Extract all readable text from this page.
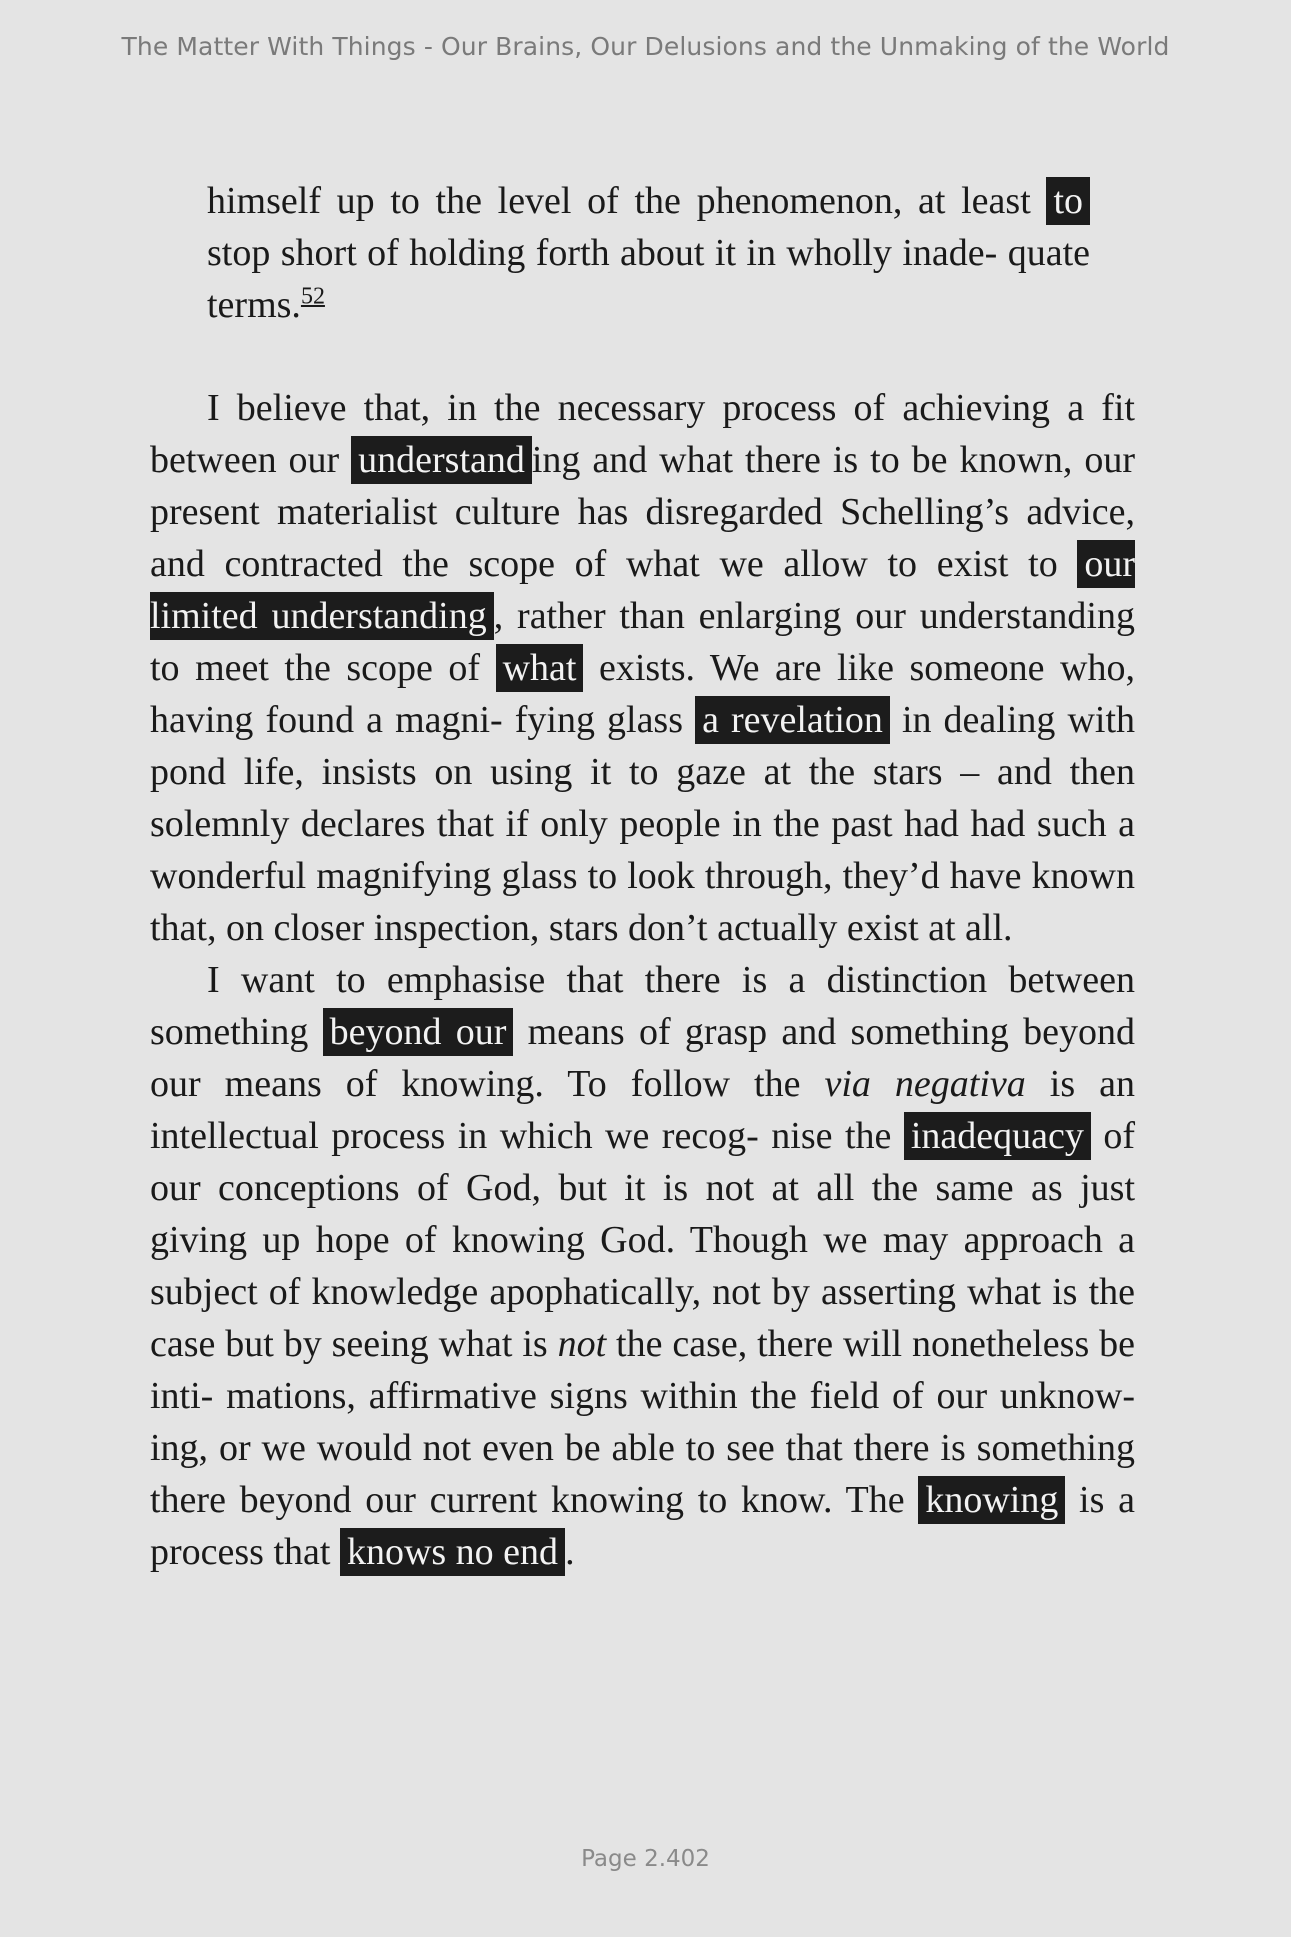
The Matter With Things - Our Brains, Our Delusions and the Unmaking of the World

himself up to the level of the phenomenon, at least to stop short of holding forth about it in wholly inade- quate terms.$^{52}$

I believe that, in the necessary process of achieving a fit between our understand ing and what there is to be known, our present materialist culture has disregarded Schelling’s advice, and contracted the scope of what we allow to exist to our limited understanding , rather than enlarging our understanding to meet the scope of what exists. We are like someone who, having found a magni- fying glass a revelation in dealing with pond life, insists on using it to gaze at the stars – and then solemnly declares that if only people in the past had had such a wonderful magnifying glass to look through, they’d have known that, on closer inspection, stars don’t actually exist at all.

I want to emphasise that there is a distinction between something beyond our means of grasp and something beyond our means of knowing. To follow the via negativa is an intellectual process in which we recog- nise the inadequacy of our conceptions of God, but it is not at all the same as just giving up hope of knowing God. Though we may approach a subject of knowledge apophatically, not by asserting what is the case but by seeing what is not the case, there will nonetheless be inti- mations, affirmative signs within the field of our unknow- ing, or we would not even be able to see that there is something there beyond our current knowing to know. The knowing is a process that knows no end .

Page 2.402
